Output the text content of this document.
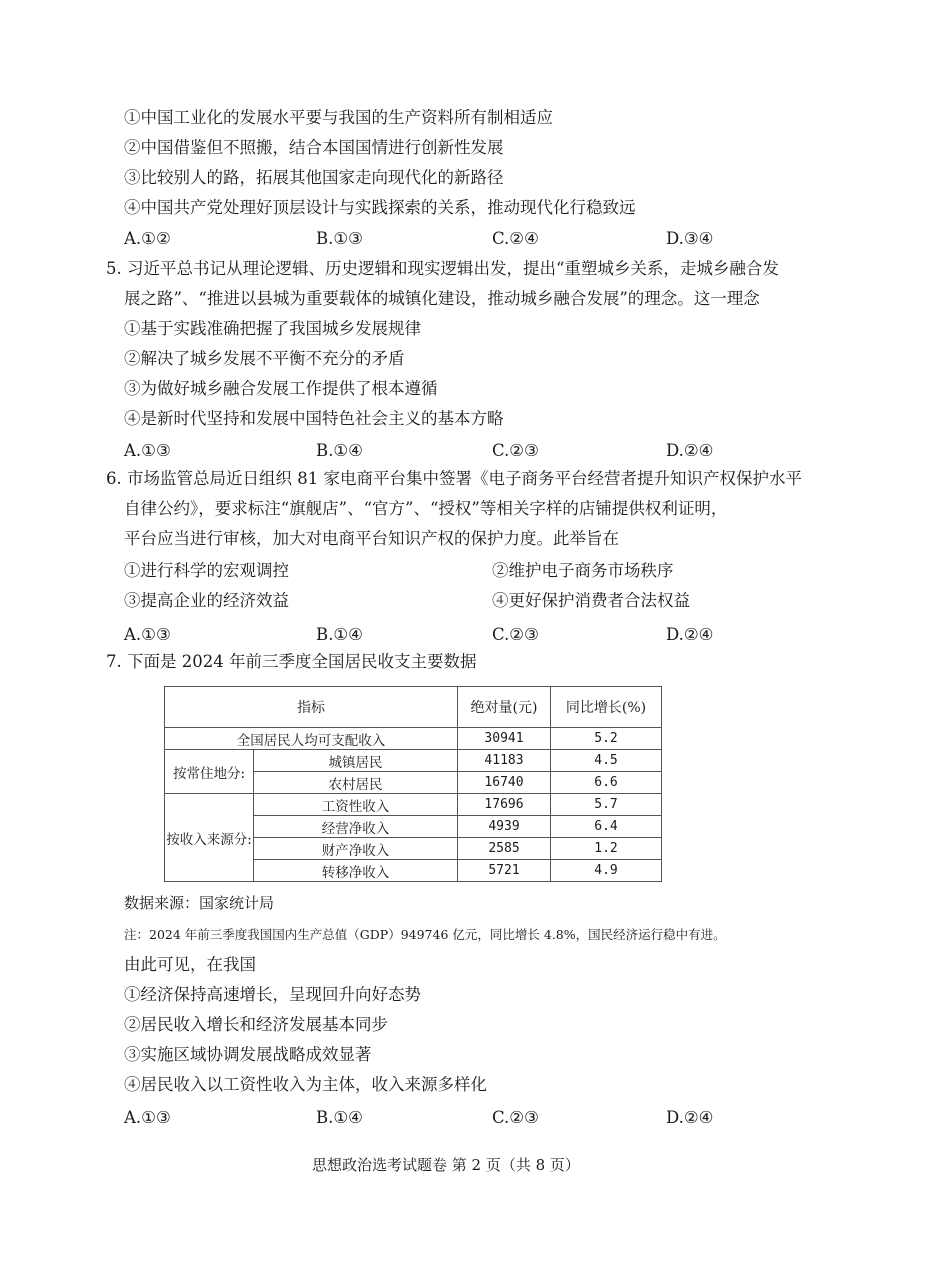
①中国工业化的发展水平要与我国的生产资料所有制相适应
②中国借鉴但不照搬，结合本国国情进行创新性发展
③比较别人的路，拓展其他国家走向现代化的新路径
④中国共产党处理好顶层设计与实践探索的关系，推动现代化行稳致远
A.①②	B.①③	C.②④	D.③④
5. 习近平总书记从理论逻辑、历史逻辑和现实逻辑出发，提出“重塑城乡关系，走城乡融合发
展之路”、“推进以县城为重要载体的城镇化建设，推动城乡融合发展”的理念。这一理念
①基于实践准确把握了我国城乡发展规律
②解决了城乡发展不平衡不充分的矛盾
③为做好城乡融合发展工作提供了根本遵循
④是新时代坚持和发展中国特色社会主义的基本方略
A.①③	B.①④	C.②③	D.②④
6. 市场监管总局近日组织 81 家电商平台集中签署《电子商务平台经营者提升知识产权保护水平
自律公约》，要求标注“旗舰店”、“官方”、“授权”等相关字样的店铺提供权利证明，
平台应当进行审核，加大对电商平台知识产权的保护力度。此举旨在
①进行科学的宏观调控	②维护电子商务市场秩序
③提高企业的经济效益	④更好保护消费者合法权益
A.①③	B.①④	C.②③	D.②④
7. 下面是 2024 年前三季度全国居民收支主要数据
指标		绝对量(元)	同比增长(%)
全国居民人均可支配收入		30941	5.2
按常住地分:	城镇居民	41183	4.5
	农村居民	16740	6.6
按收入来源分:	工资性收入	17696	5.7
	经营净收入	4939	6.4
	财产净收入	2585	1.2
	转移净收入	5721	4.9
数据来源：国家统计局
注：2024 年前三季度我国国内生产总值（GDP）949746 亿元，同比增长 4.8%，国民经济运行稳中有进。
由此可见，在我国
①经济保持高速增长，呈现回升向好态势
②居民收入增长和经济发展基本同步
③实施区域协调发展战略成效显著
④居民收入以工资性收入为主体，收入来源多样化
A.①③	B.①④	C.②③	D.②④
思想政治选考试题卷 第 2 页（共 8 页）
